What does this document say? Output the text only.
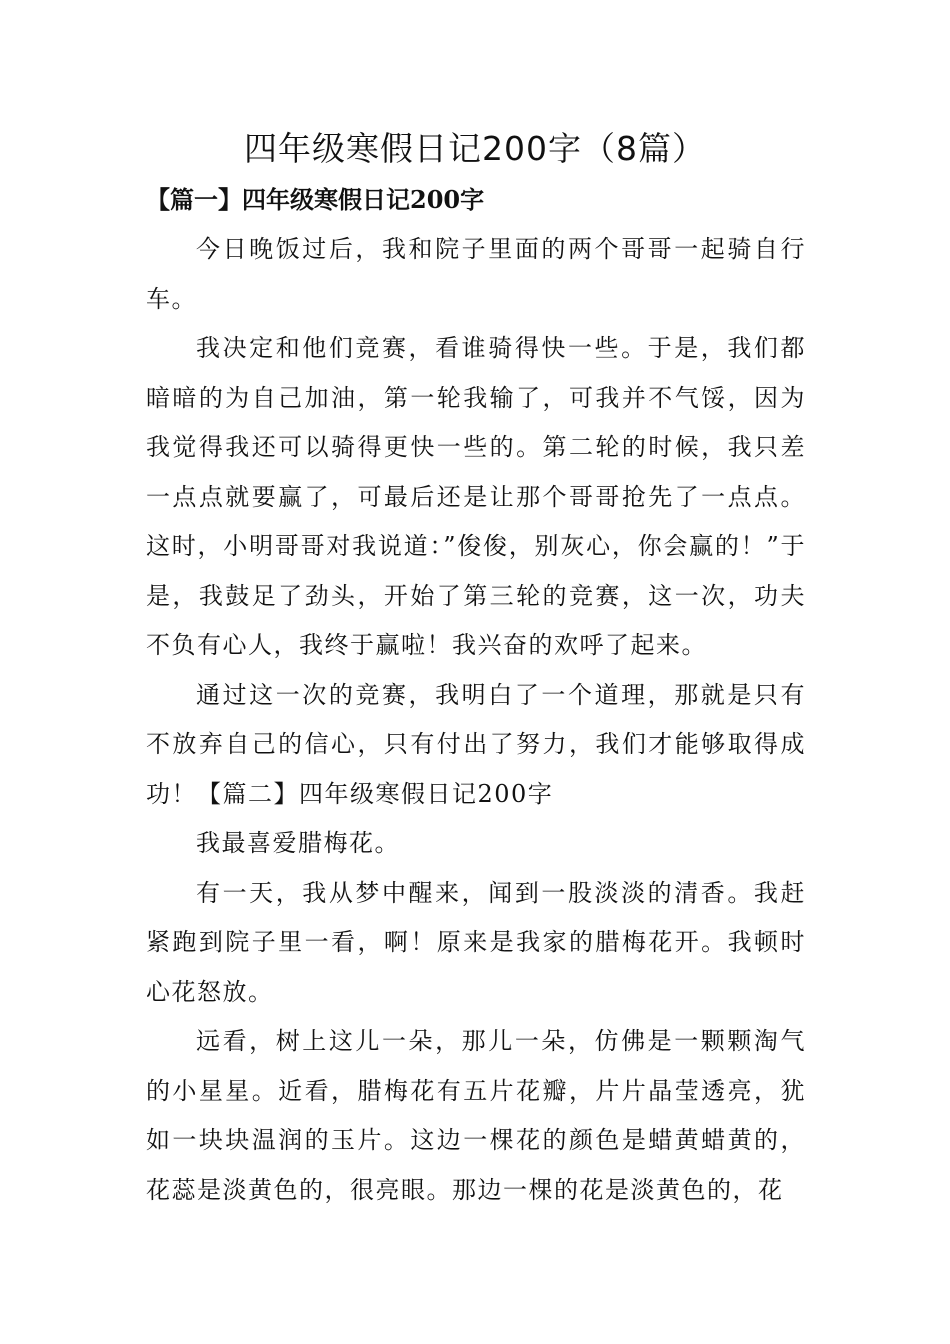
四年级寒假日记200字（8篇）
【篇一】四年级寒假日记200字

今日晚饭过后，我和院子里面的两个哥哥一起骑自行车。

我决定和他们竞赛，看谁骑得快一些。于是，我们都暗暗的为自己加油，第一轮我输了，可我并不气馁，因为我觉得我还可以骑得更快一些的。第二轮的时候，我只差一点点就要赢了，可最后还是让那个哥哥抢先了一点点。这时，小明哥哥对我说道：”俊俊，别灰心，你会赢的！”于是，我鼓足了劲头，开始了第三轮的竞赛，这一次，功夫不负有心人，我终于赢啦！我兴奋的欢呼了起来。

通过这一次的竞赛，我明白了一个道理，那就是只有不放弃自己的信心，只有付出了努力，我们才能够取得成功！【篇二】四年级寒假日记200字

我最喜爱腊梅花。

有一天，我从梦中醒来，闻到一股淡淡的清香。我赶紧跑到院子里一看，啊！原来是我家的腊梅花开。我顿时心花怒放。

远看，树上这儿一朵，那儿一朵，仿佛是一颗颗淘气的小星星。近看，腊梅花有五片花瓣，片片晶莹透亮，犹如一块块温润的玉片。这边一棵花的颜色是蜡黄蜡黄的，花蕊是淡黄色的，很亮眼。那边一棵的花是淡黄色的，花
